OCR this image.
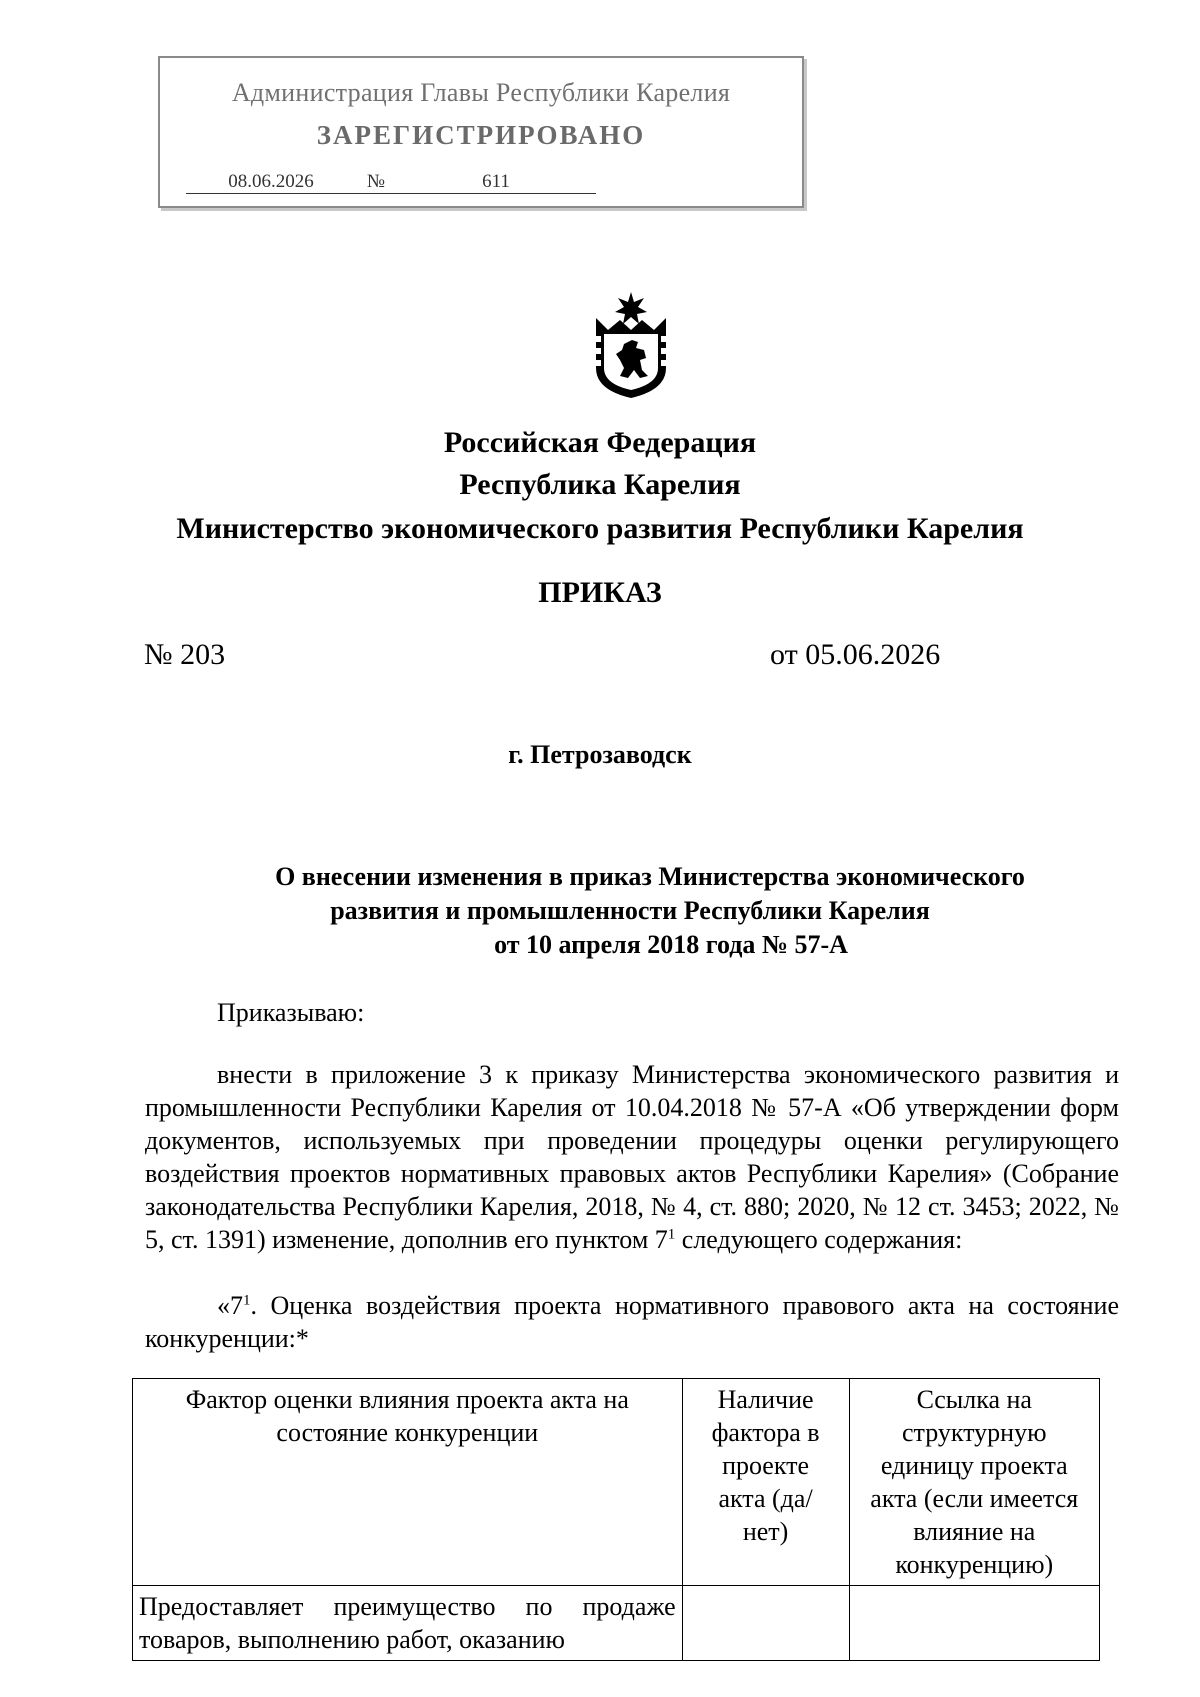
Администрация Главы Республики Карелия
ЗАРЕГИСТРИРОВАНО
08.06.2026	№	611
Российская Федерация
Республика Карелия
Министерство экономического развития Республики Карелия
ПРИКАЗ
№ 203	от 05.06.2026
г. Петрозаводск
О внесении изменения в приказ Министерства экономического
развития и промышленности Республики Карелия
от 10 апреля 2018 года № 57-А
Приказываю:
внести в приложение 3 к приказу Министерства экономического развития и промышленности Республики Карелия от 10.04.2018 № 57-А «Об утверждении форм документов, используемых при проведении процедуры оценки регулирующего воздействия проектов нормативных правовых актов Республики Карелия» (Собрание законодательства Республики Карелия, 2018, № 4, ст. 880; 2020, № 12 ст. 3453; 2022, № 5, ст. 1391) изменение, дополнив его пунктом $7^1$ следующего содержания:
«$7^1$. Оценка воздействия проекта нормативного правового акта на состояние конкуренции:*
Фактор оценки влияния проекта акта на состояние конкуренции	Наличие фактора в проекте акта (да/нет)	Ссылка на структурную единицу проекта акта (если имеется влияние на конкуренцию)
Предоставляет преимущество по продаже товаров, выполнению работ, оказанию		
